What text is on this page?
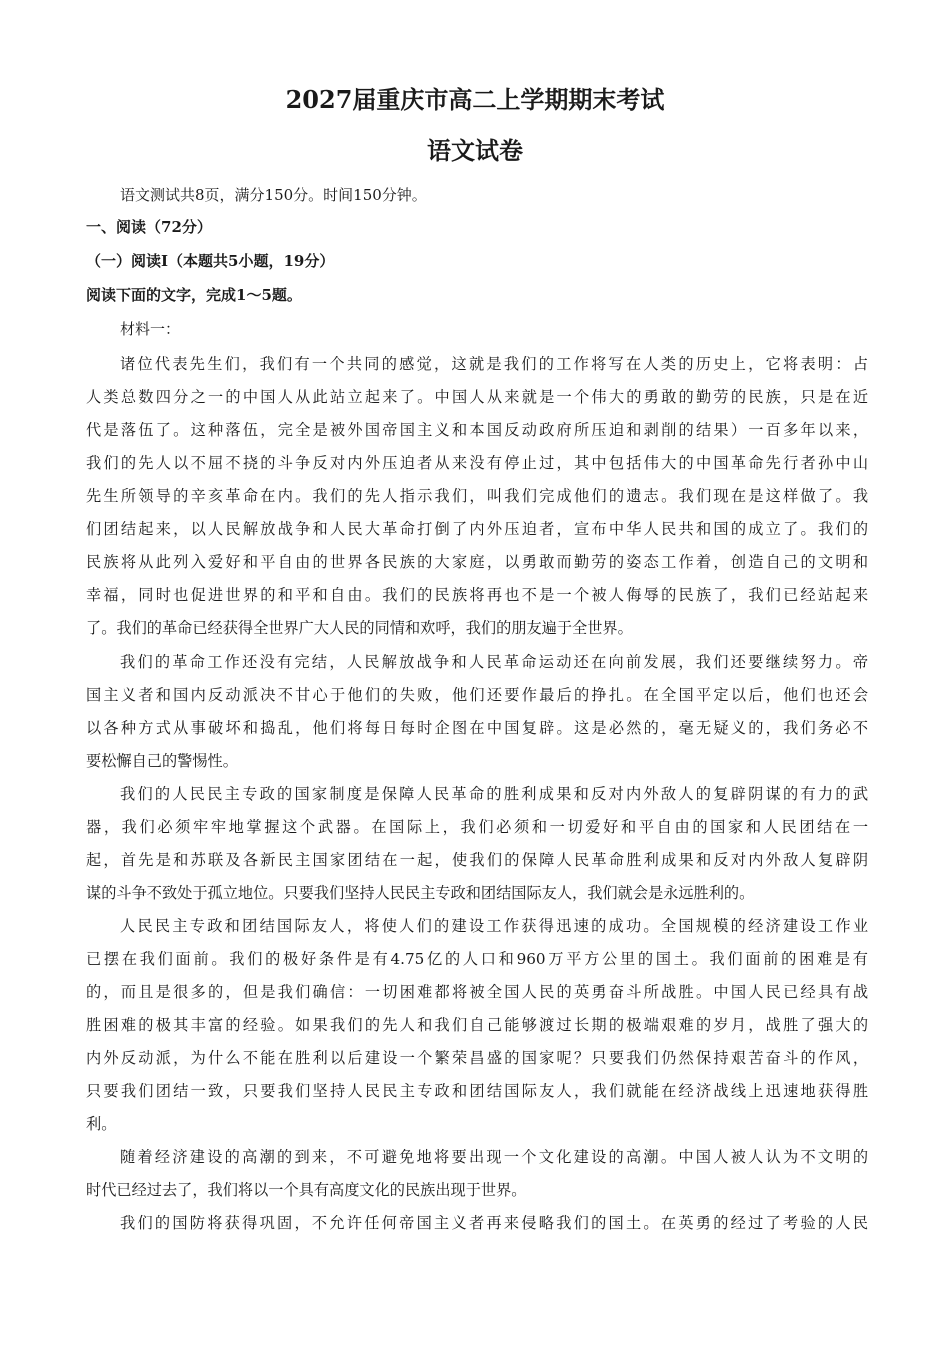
2027届重庆市高二上学期期末考试
语文试卷
语文测试共8页，满分150分。时间150分钟。
一、阅读（72分）
（一）阅读Ⅰ（本题共5小题，19分）
阅读下面的文字，完成1～5题。
材料一：
诸位代表先生们，我们有一个共同的感觉，这就是我们的工作将写在人类的历史上，它将表明：占
人类总数四分之一的中国人从此站立起来了。中国人从来就是一个伟大的勇敢的勤劳的民族，只是在近
代是落伍了。这种落伍，完全是被外国帝国主义和本国反动政府所压迫和剥削的结果）一百多年以来，
我们的先人以不屈不挠的斗争反对内外压迫者从来没有停止过，其中包括伟大的中国革命先行者孙中山
先生所领导的辛亥革命在内。我们的先人指示我们，叫我们完成他们的遗志。我们现在是这样做了。我
们团结起来，以人民解放战争和人民大革命打倒了内外压迫者，宣布中华人民共和国的成立了。我们的
民族将从此列入爱好和平自由的世界各民族的大家庭，以勇敢而勤劳的姿态工作着，创造自己的文明和
幸福，同时也促进世界的和平和自由。我们的民族将再也不是一个被人侮辱的民族了，我们已经站起来
了。我们的革命已经获得全世界广大人民的同情和欢呼，我们的朋友遍于全世界。
我们的革命工作还没有完结，人民解放战争和人民革命运动还在向前发展，我们还要继续努力。帝
国主义者和国内反动派决不甘心于他们的失败，他们还要作最后的挣扎。在全国平定以后，他们也还会
以各种方式从事破坏和捣乱，他们将每日每时企图在中国复辟。这是必然的，毫无疑义的，我们务必不
要松懈自己的警惕性。
我们的人民民主专政的国家制度是保障人民革命的胜利成果和反对内外敌人的复辟阴谋的有力的武
器，我们必须牢牢地掌握这个武器。在国际上，我们必须和一切爱好和平自由的国家和人民团结在一
起，首先是和苏联及各新民主国家团结在一起，使我们的保障人民革命胜利成果和反对内外敌人复辟阴
谋的斗争不致处于孤立地位。只要我们坚持人民民主专政和团结国际友人，我们就会是永远胜利的。
人民民主专政和团结国际友人，将使人们的建设工作获得迅速的成功。全国规模的经济建设工作业
已摆在我们面前。我们的极好条件是有4.75亿的人口和960万平方公里的国土。我们面前的困难是有
的，而且是很多的，但是我们确信：一切困难都将被全国人民的英勇奋斗所战胜。中国人民已经具有战
胜困难的极其丰富的经验。如果我们的先人和我们自己能够渡过长期的极端艰难的岁月，战胜了强大的
内外反动派，为什么不能在胜利以后建设一个繁荣昌盛的国家呢？只要我们仍然保持艰苦奋斗的作风，
只要我们团结一致，只要我们坚持人民民主专政和团结国际友人，我们就能在经济战线上迅速地获得胜
利。
随着经济建设的高潮的到来，不可避免地将要出现一个文化建设的高潮。中国人被人认为不文明的
时代已经过去了，我们将以一个具有高度文化的民族出现于世界。
我们的国防将获得巩固，不允许任何帝国主义者再来侵略我们的国土。在英勇的经过了考验的人民
